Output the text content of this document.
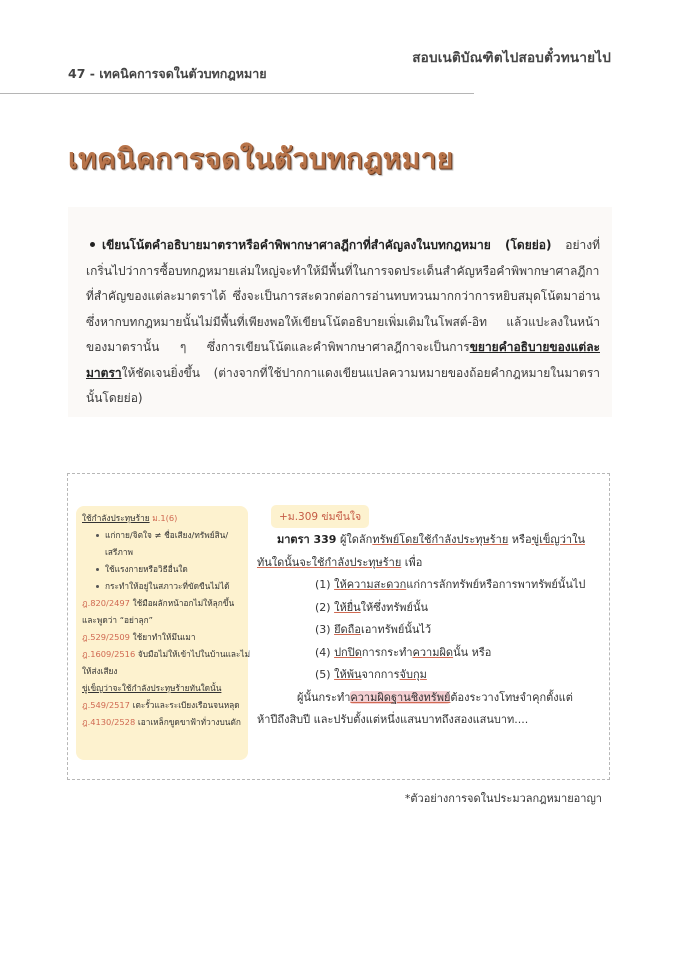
สอบเนติบัณฑิตไปสอบตั๋วทนายไป
47 - เทคนิคการจดในตัวบทกฎหมาย
เทคนิคการจดในตัวบทกฎหมาย

เขียนโน้ตคำอธิบายมาตราหรือคำพิพากษาศาลฎีกาที่สำคัญลงในบทกฎหมาย (โดยย่อ) อย่างที่เกริ่นไปว่าการซื้อบทกฎหมายเล่มใหญ่จะทำให้มีพื้นที่ในการจดประเด็นสำคัญหรือคำพิพากษาศาลฎีกาที่สำคัญของแต่ละมาตราได้ ซึ่งจะเป็นการสะดวกต่อการอ่านทบทวนมากกว่าการหยิบสมุดโน้ตมาอ่าน ซึ่งหากบทกฎหมายนั้นไม่มีพื้นที่เพียงพอให้เขียนโน้ตอธิบายเพิ่มเติมในโพสต์-อิท แล้วแปะลงในหน้าของมาตรานั้น ๆ ซึ่งการเขียนโน้ตและคำพิพากษาศาลฎีกาจะเป็นการขยายคำอธิบายของแต่ละมาตราให้ชัดเจนยิ่งขึ้น (ต่างจากที่ใช้ปากกาแดงเขียนแปลความหมายของถ้อยคำกฎหมายในมาตรานั้นโดยย่อ)

ใช้กำลังประทุษร้าย ม.1(6)
แก่กาย/จิตใจ ≠ ชื่อเสียง/ทรัพย์สิน/
เสรีภาพ
ใช้แรงกายหรือวิธีอื่นใด
กระทำให้อยู่ในสภาวะที่ขัดขืนไม่ได้
ฎ.820/2497 ใช้มือผลักหน้าอกไม่ให้ลุกขึ้น
และพูดว่า “อย่าลุก”
ฎ.529/2509 ใช้ยาทำให้มึนเมา
ฎ.1609/2516 จับมือไม่ให้เข้าไปในบ้านและไม่
ให้ส่งเสียง
ขู่เข็ญว่าจะใช้กำลังประทุษร้ายทันใดนั้น
ฎ.549/2517 เตะรั้วและระเบียงเรือนจนหลุด
ฎ.4130/2528 เอาเหล็กขูดขาฟ้าทั่วางบนตัก
+ม.309 ข่มขืนใจ
มาตรา 339 ผู้ใดลักทรัพย์โดยใช้กำลังประทุษร้าย หรือขู่เข็ญว่าใน
ทันใดนั้นจะใช้กำลังประทุษร้าย เพื่อ
(1) ให้ความสะดวกแก่การลักทรัพย์หรือการพาทรัพย์นั้นไป
(2) ให้ยื่นให้ซึ่งทรัพย์นั้น
(3) ยึดถือเอาทรัพย์นั้นไว้
(4) ปกปิดการกระทำความผิดนั้น หรือ
(5) ให้พ้นจากการจับกุม
ผู้นั้นกระทำความผิดฐานชิงทรัพย์ต้องระวางโทษจำคุกตั้งแต่
ห้าปีถึงสิบปี และปรับตั้งแต่หนึ่งแสนบาทถึงสองแสนบาท....
*ตัวอย่างการจดในประมวลกฎหมายอาญา
